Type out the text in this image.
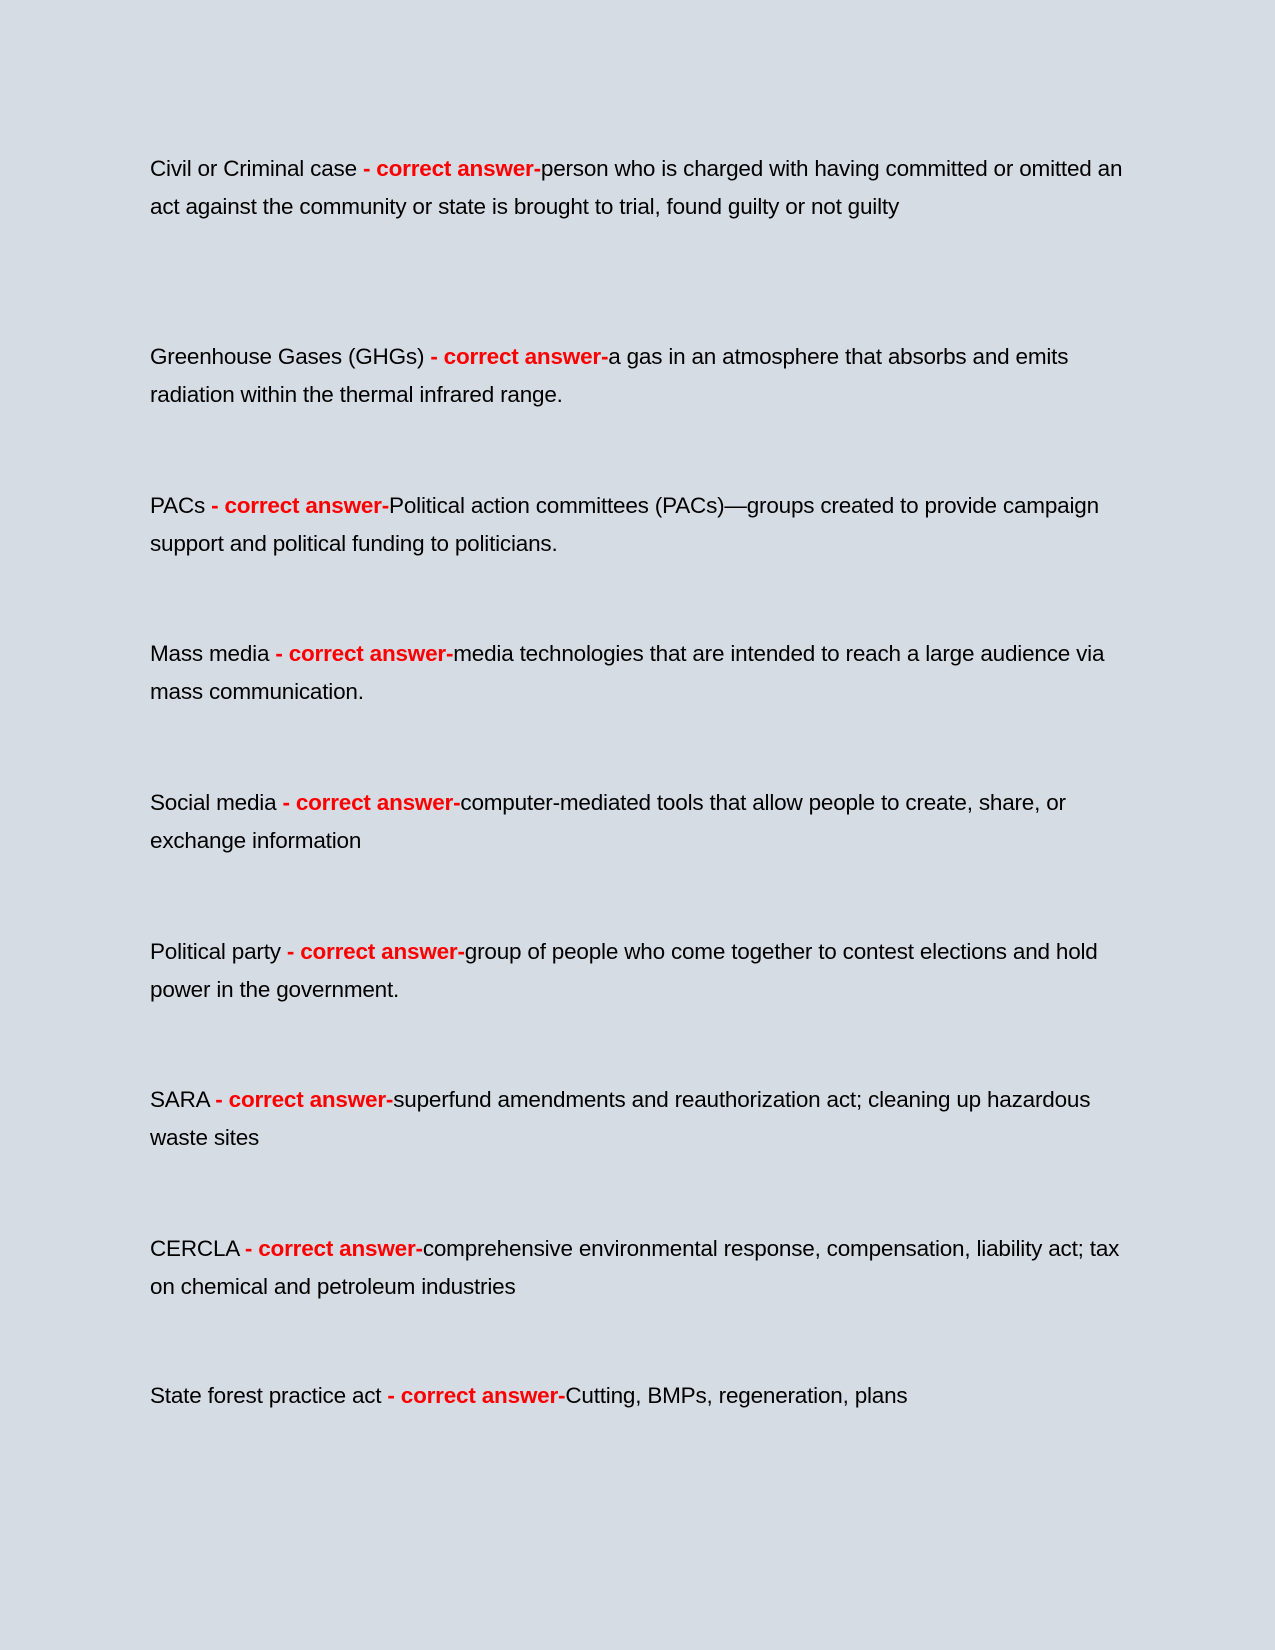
Civil or Criminal case - correct answer-person who is charged with having committed or omitted an act against the community or state is brought to trial, found guilty or not guilty

Greenhouse Gases (GHGs) - correct answer-a gas in an atmosphere that absorbs and emits radiation within the thermal infrared range.

PACs - correct answer-Political action committees (PACs)—groups created to provide campaign support and political funding to politicians.

Mass media - correct answer-media technologies that are intended to reach a large audience via mass communication.

Social media - correct answer-computer-mediated tools that allow people to create, share, or exchange information

Political party - correct answer-group of people who come together to contest elections and hold power in the government.

SARA - correct answer-superfund amendments and reauthorization act; cleaning up hazardous waste sites

CERCLA - correct answer-comprehensive environmental response, compensation, liability act; tax on chemical and petroleum industries

State forest practice act - correct answer-Cutting, BMPs, regeneration, plans
